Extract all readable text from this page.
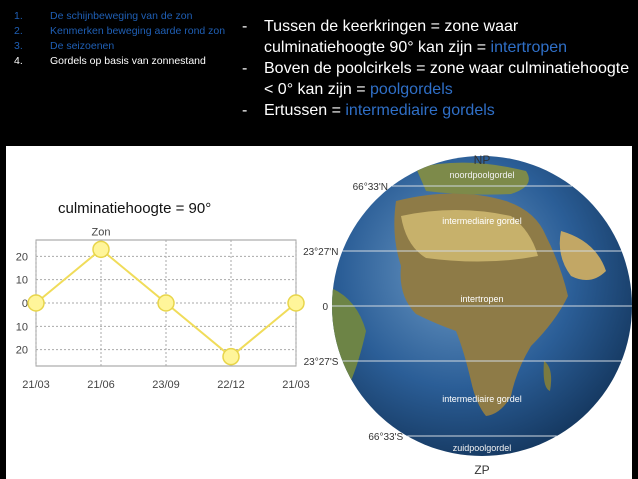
1.	De schijnbeweging van de zon
2.	Kenmerken beweging aarde rond zon
3.	De seizoenen
4.	Gordels op basis van zonnestand
- Tussen de keerkringen = zone waar culminatiehoogte 90° kan zijn = intertropen
- Boven de poolcirkels = zone waar culminatiehoogte < 0° kan zijn = poolgordels
- Ertussen = intermediaire gordels
culminatiehoogte = 90°
20
10
0
10
20
21/03	21/06	23/09	22/12	21/03
Zon
66°33'N
23°27'N
0
23°27'S
66°33'S
noordpoolgordel
intermediaire gordel
intertropen
intermediaire gordel
zuidpoolgordel
NP
ZP
